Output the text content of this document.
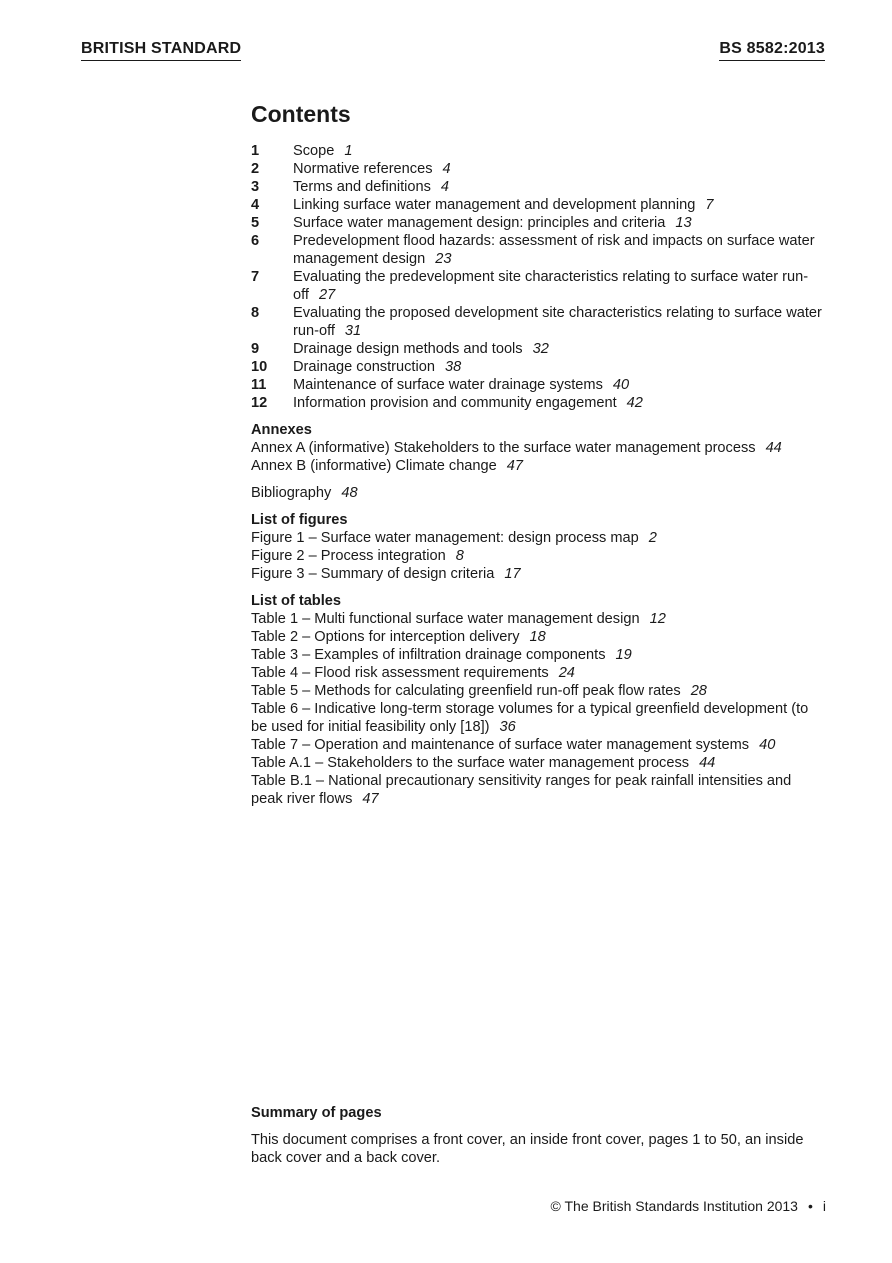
BRITISH STANDARD	BS 8582:2013
Contents
1	Scope 1
2	Normative references 4
3	Terms and definitions 4
4	Linking surface water management and development planning 7
5	Surface water management design: principles and criteria 13
6	Predevelopment flood hazards: assessment of risk and impacts on surface water management design 23
7	Evaluating the predevelopment site characteristics relating to surface water run-off 27
8	Evaluating the proposed development site characteristics relating to surface water run-off 31
9	Drainage design methods and tools 32
10	Drainage construction 38
11	Maintenance of surface water drainage systems 40
12	Information provision and community engagement 42
Annexes
Annex A (informative) Stakeholders to the surface water management process 44
Annex B (informative) Climate change 47
Bibliography 48
List of figures
Figure 1 – Surface water management: design process map 2
Figure 2 – Process integration 8
Figure 3 – Summary of design criteria 17
List of tables
Table 1 – Multi functional surface water management design 12
Table 2 – Options for interception delivery 18
Table 3 – Examples of infiltration drainage components 19
Table 4 – Flood risk assessment requirements 24
Table 5 – Methods for calculating greenfield run-off peak flow rates 28
Table 6 – Indicative long-term storage volumes for a typical greenfield development (to be used for initial feasibility only [18]) 36
Table 7 – Operation and maintenance of surface water management systems 40
Table A.1 – Stakeholders to the surface water management process 44
Table B.1 – National precautionary sensitivity ranges for peak rainfall intensities and peak river flows 47
Summary of pages
This document comprises a front cover, an inside front cover, pages 1 to 50, an inside back cover and a back cover.
© The British Standards Institution 2013 • i
